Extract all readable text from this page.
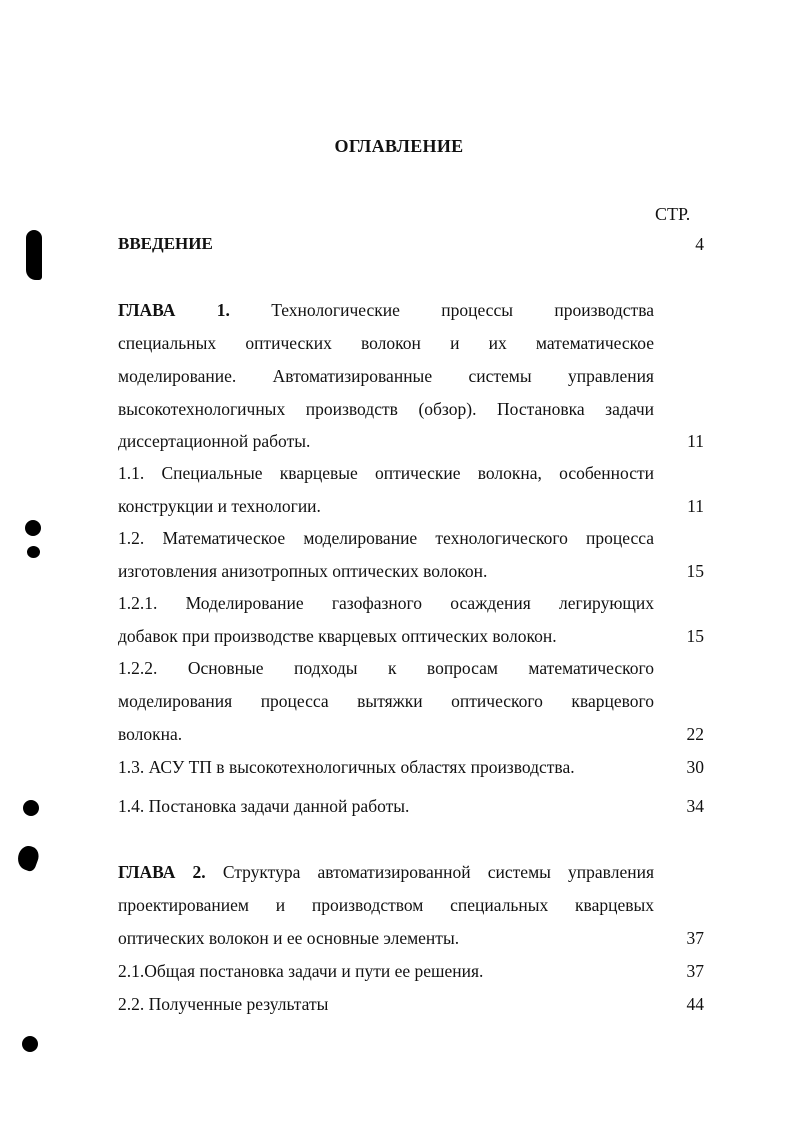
ОГЛАВЛЕНИЕ
СТР.
ВВЕДЕНИЕ	4
ГЛАВА 1. Технологические процессы производства
специальных оптических волокон и их математическое
моделирование. Автоматизированные системы управления
высокотехнологичных производств (обзор). Постановка задачи
диссертационной работы.	11
1.1. Специальные кварцевые оптические волокна, особенности
конструкции и технологии.	11
1.2. Математическое моделирование технологического процесса
изготовления анизотропных оптических волокон.	15
1.2.1. Моделирование газофазного осаждения легирующих
добавок при производстве кварцевых оптических волокон.	15
1.2.2. Основные подходы к вопросам математического
моделирования процесса вытяжки оптического кварцевого
волокна.	22
1.3. АСУ ТП в высокотехнологичных областях производства.	30
1.4. Постановка задачи данной работы.	34
ГЛАВА 2. Структура автоматизированной системы управления
проектированием и производством специальных кварцевых
оптических волокон и ее основные элементы.	37
2.1.Общая постановка задачи и пути ее решения.	37
2.2. Полученные результаты	44
